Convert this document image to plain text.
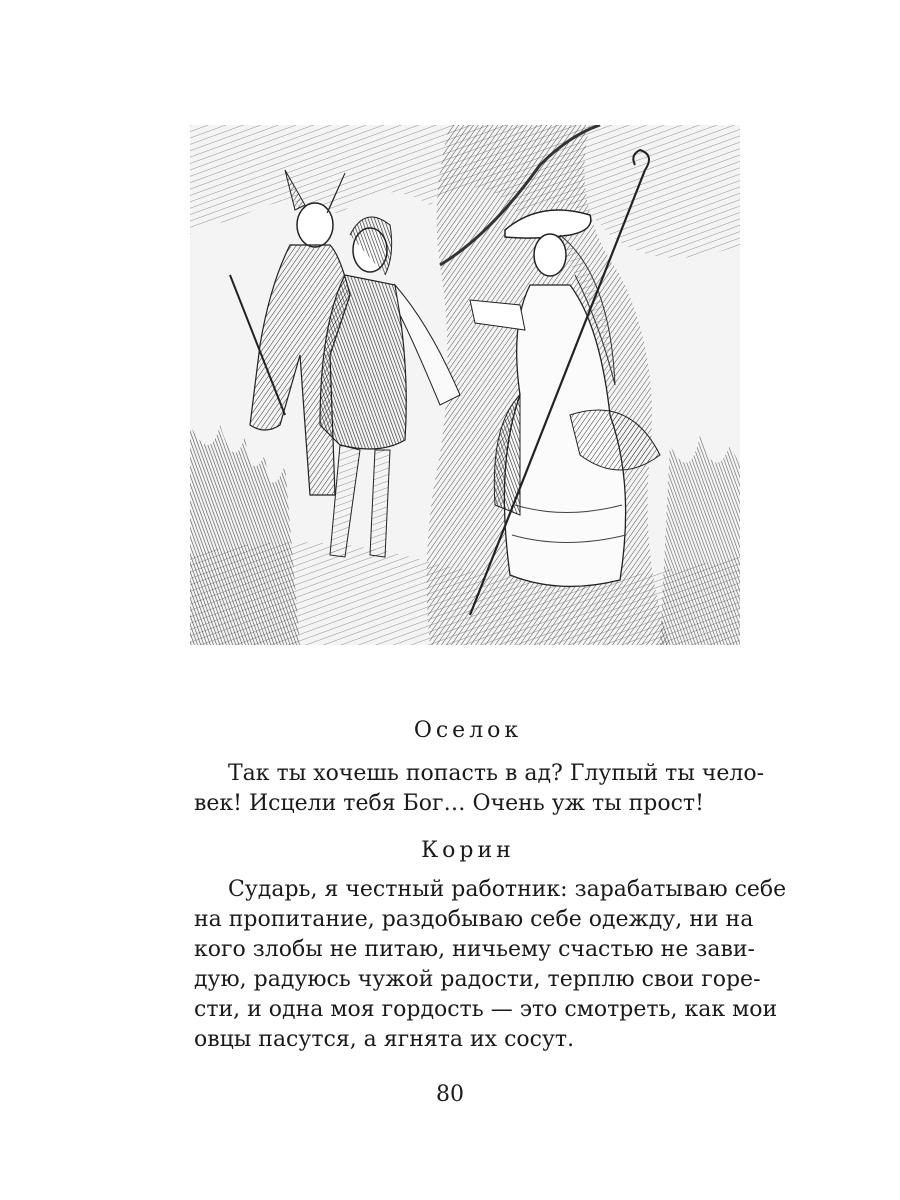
Оселок

Так ты хочешь попасть в ад? Глупый ты чело-

век! Исцели тебя Бог… Очень уж ты прост!

Корин

Сударь, я честный работник: зарабатываю себе

на пропитание, раздобываю себе одежду, ни на

кого злобы не питаю, ничьему счастью не зави-

дую, радуюсь чужой радости, терплю свои горе-

сти, и одна моя гордость — это смотреть, как мои

овцы пасутся, а ягнята их сосут.

80
